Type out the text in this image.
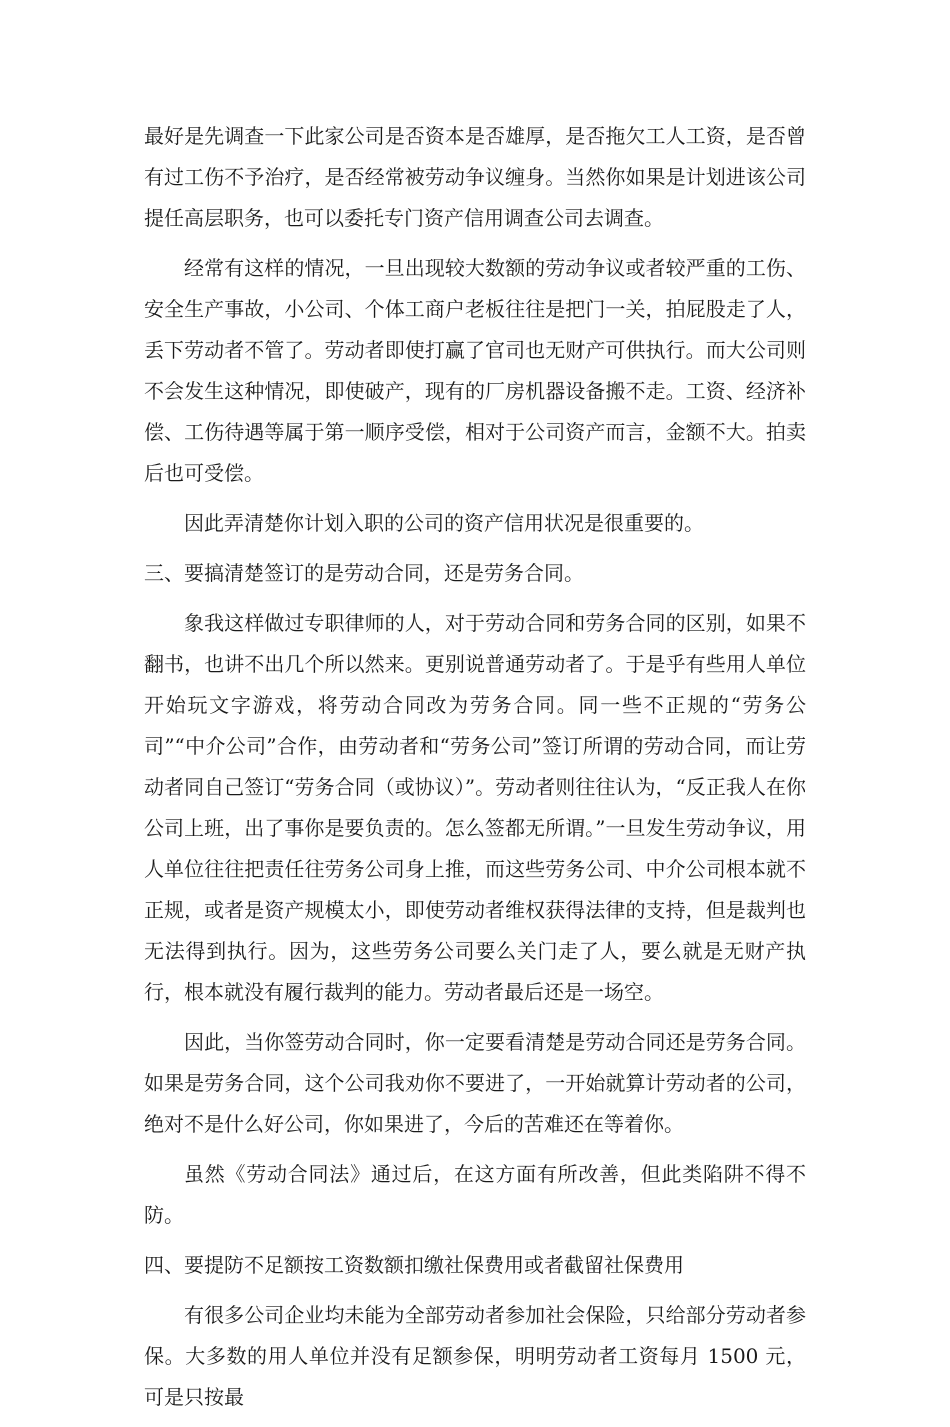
最好是先调查一下此家公司是否资本是否雄厚，是否拖欠工人工资，是否曾有过工伤不予治疗，是否经常被劳动争议缠身。当然你如果是计划进该公司提任高层职务，也可以委托专门资产信用调查公司去调查。

经常有这样的情况，一旦出现较大数额的劳动争议或者较严重的工伤、安全生产事故，小公司、个体工商户老板往往是把门一关，拍屁股走了人，丢下劳动者不管了。劳动者即使打赢了官司也无财产可供执行。而大公司则不会发生这种情况，即使破产，现有的厂房机器设备搬不走。工资、经济补偿、工伤待遇等属于第一顺序受偿，相对于公司资产而言，金额不大。拍卖后也可受偿。

因此弄清楚你计划入职的公司的资产信用状况是很重要的。

三、要搞清楚签订的是劳动合同，还是劳务合同。

象我这样做过专职律师的人，对于劳动合同和劳务合同的区别，如果不翻书，也讲不出几个所以然来。更别说普通劳动者了。于是乎有些用人单位开始玩文字游戏，将劳动合同改为劳务合同。同一些不正规的“劳务公司”“中介公司”合作，由劳动者和“劳务公司”签订所谓的劳动合同，而让劳动者同自己签订“劳务合同（或协议）”。劳动者则往往认为，“反正我人在你公司上班，出了事你是要负责的。怎么签都无所谓。”一旦发生劳动争议，用人单位往往把责任往劳务公司身上推，而这些劳务公司、中介公司根本就不正规，或者是资产规模太小，即使劳动者维权获得法律的支持，但是裁判也无法得到执行。因为，这些劳务公司要么关门走了人，要么就是无财产执行，根本就没有履行裁判的能力。劳动者最后还是一场空。

因此，当你签劳动合同时，你一定要看清楚是劳动合同还是劳务合同。如果是劳务合同，这个公司我劝你不要进了，一开始就算计劳动者的公司，绝对不是什么好公司，你如果进了，今后的苦难还在等着你。

虽然《劳动合同法》通过后，在这方面有所改善，但此类陷阱不得不防。

四、要提防不足额按工资数额扣缴社保费用或者截留社保费用

有很多公司企业均未能为全部劳动者参加社会保险，只给部分劳动者参保。大多数的用人单位并没有足额参保，明明劳动者工资每月 1500 元，可是只按最
